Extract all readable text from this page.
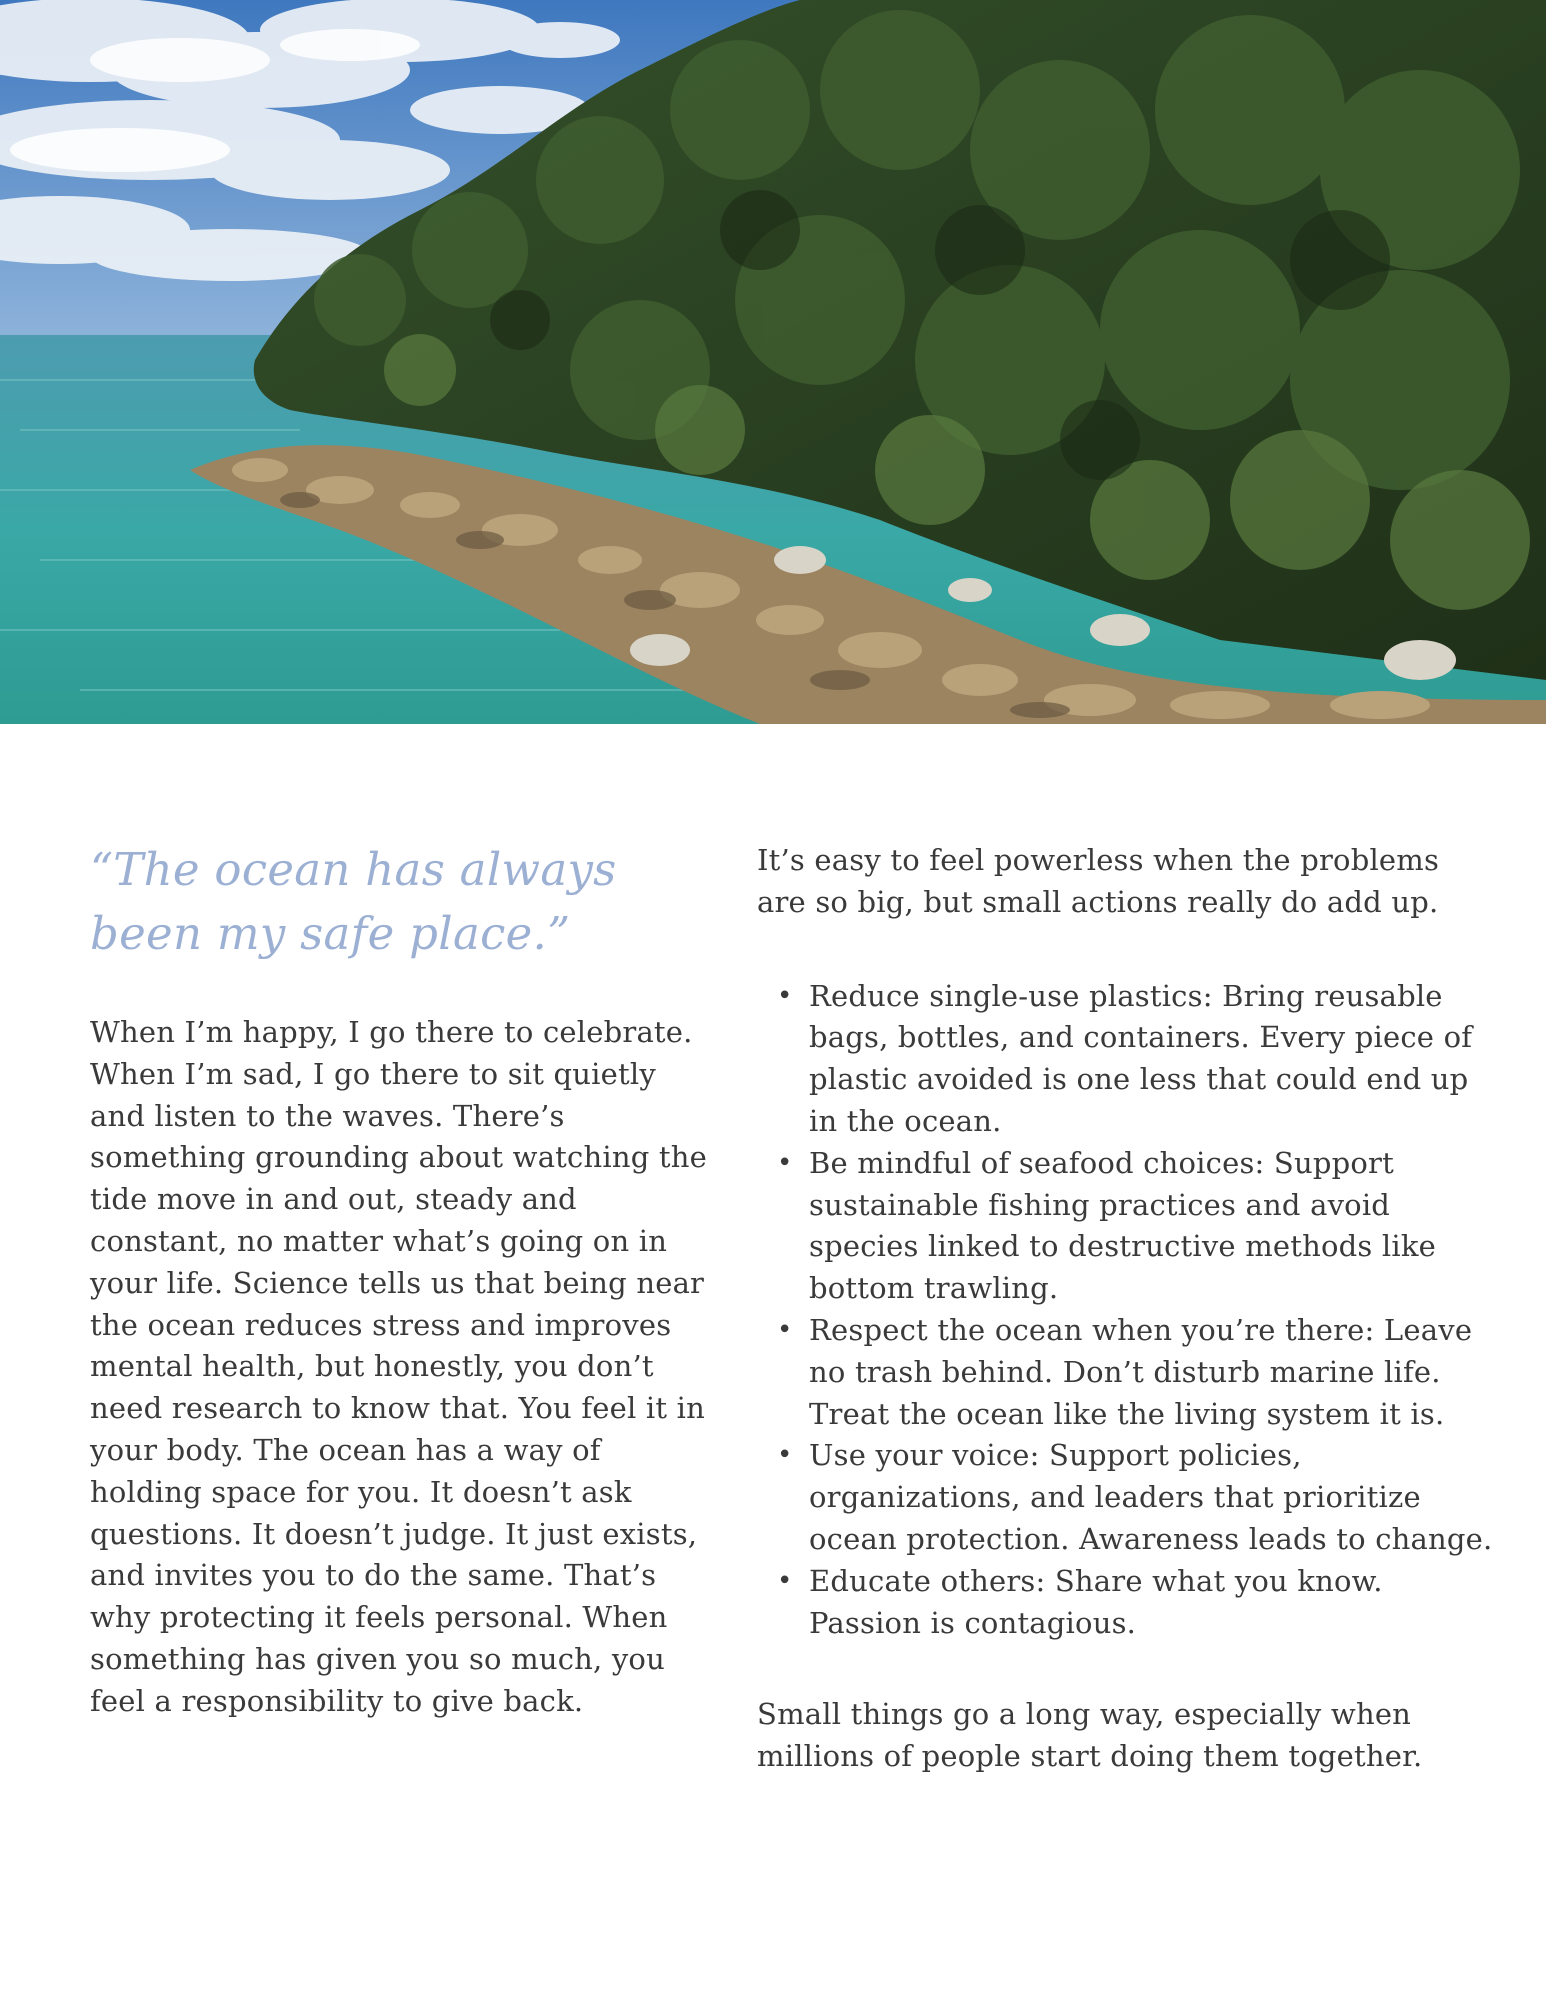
“The ocean has always been my safe place.”

When I’m happy, I go there to celebrate. When I’m sad, I go there to sit quietly and listen to the waves. There’s something grounding about watching the tide move in and out, steady and constant, no matter what’s going on in your life. Science tells us that being near the ocean reduces stress and improves mental health, but honestly, you don’t need research to know that. You feel it in your body. The ocean has a way of holding space for you. It doesn’t ask questions. It doesn’t judge. It just exists, and invites you to do the same. That’s why protecting it feels personal. When something has given you so much, you feel a responsibility to give back.

It’s easy to feel powerless when the problems are so big, but small actions really do add up.

• Reduce single-use plastics: Bring reusable bags, bottles, and containers. Every piece of plastic avoided is one less that could end up in the ocean.
• Be mindful of seafood choices: Support sustainable fishing practices and avoid species linked to destructive methods like bottom trawling.
• Respect the ocean when you’re there: Leave no trash behind. Don’t disturb marine life. Treat the ocean like the living system it is.
• Use your voice: Support policies, organizations, and leaders that prioritize ocean protection. Awareness leads to change.
• Educate others: Share what you know. Passion is contagious.

Small things go a long way, especially when millions of people start doing them together.
